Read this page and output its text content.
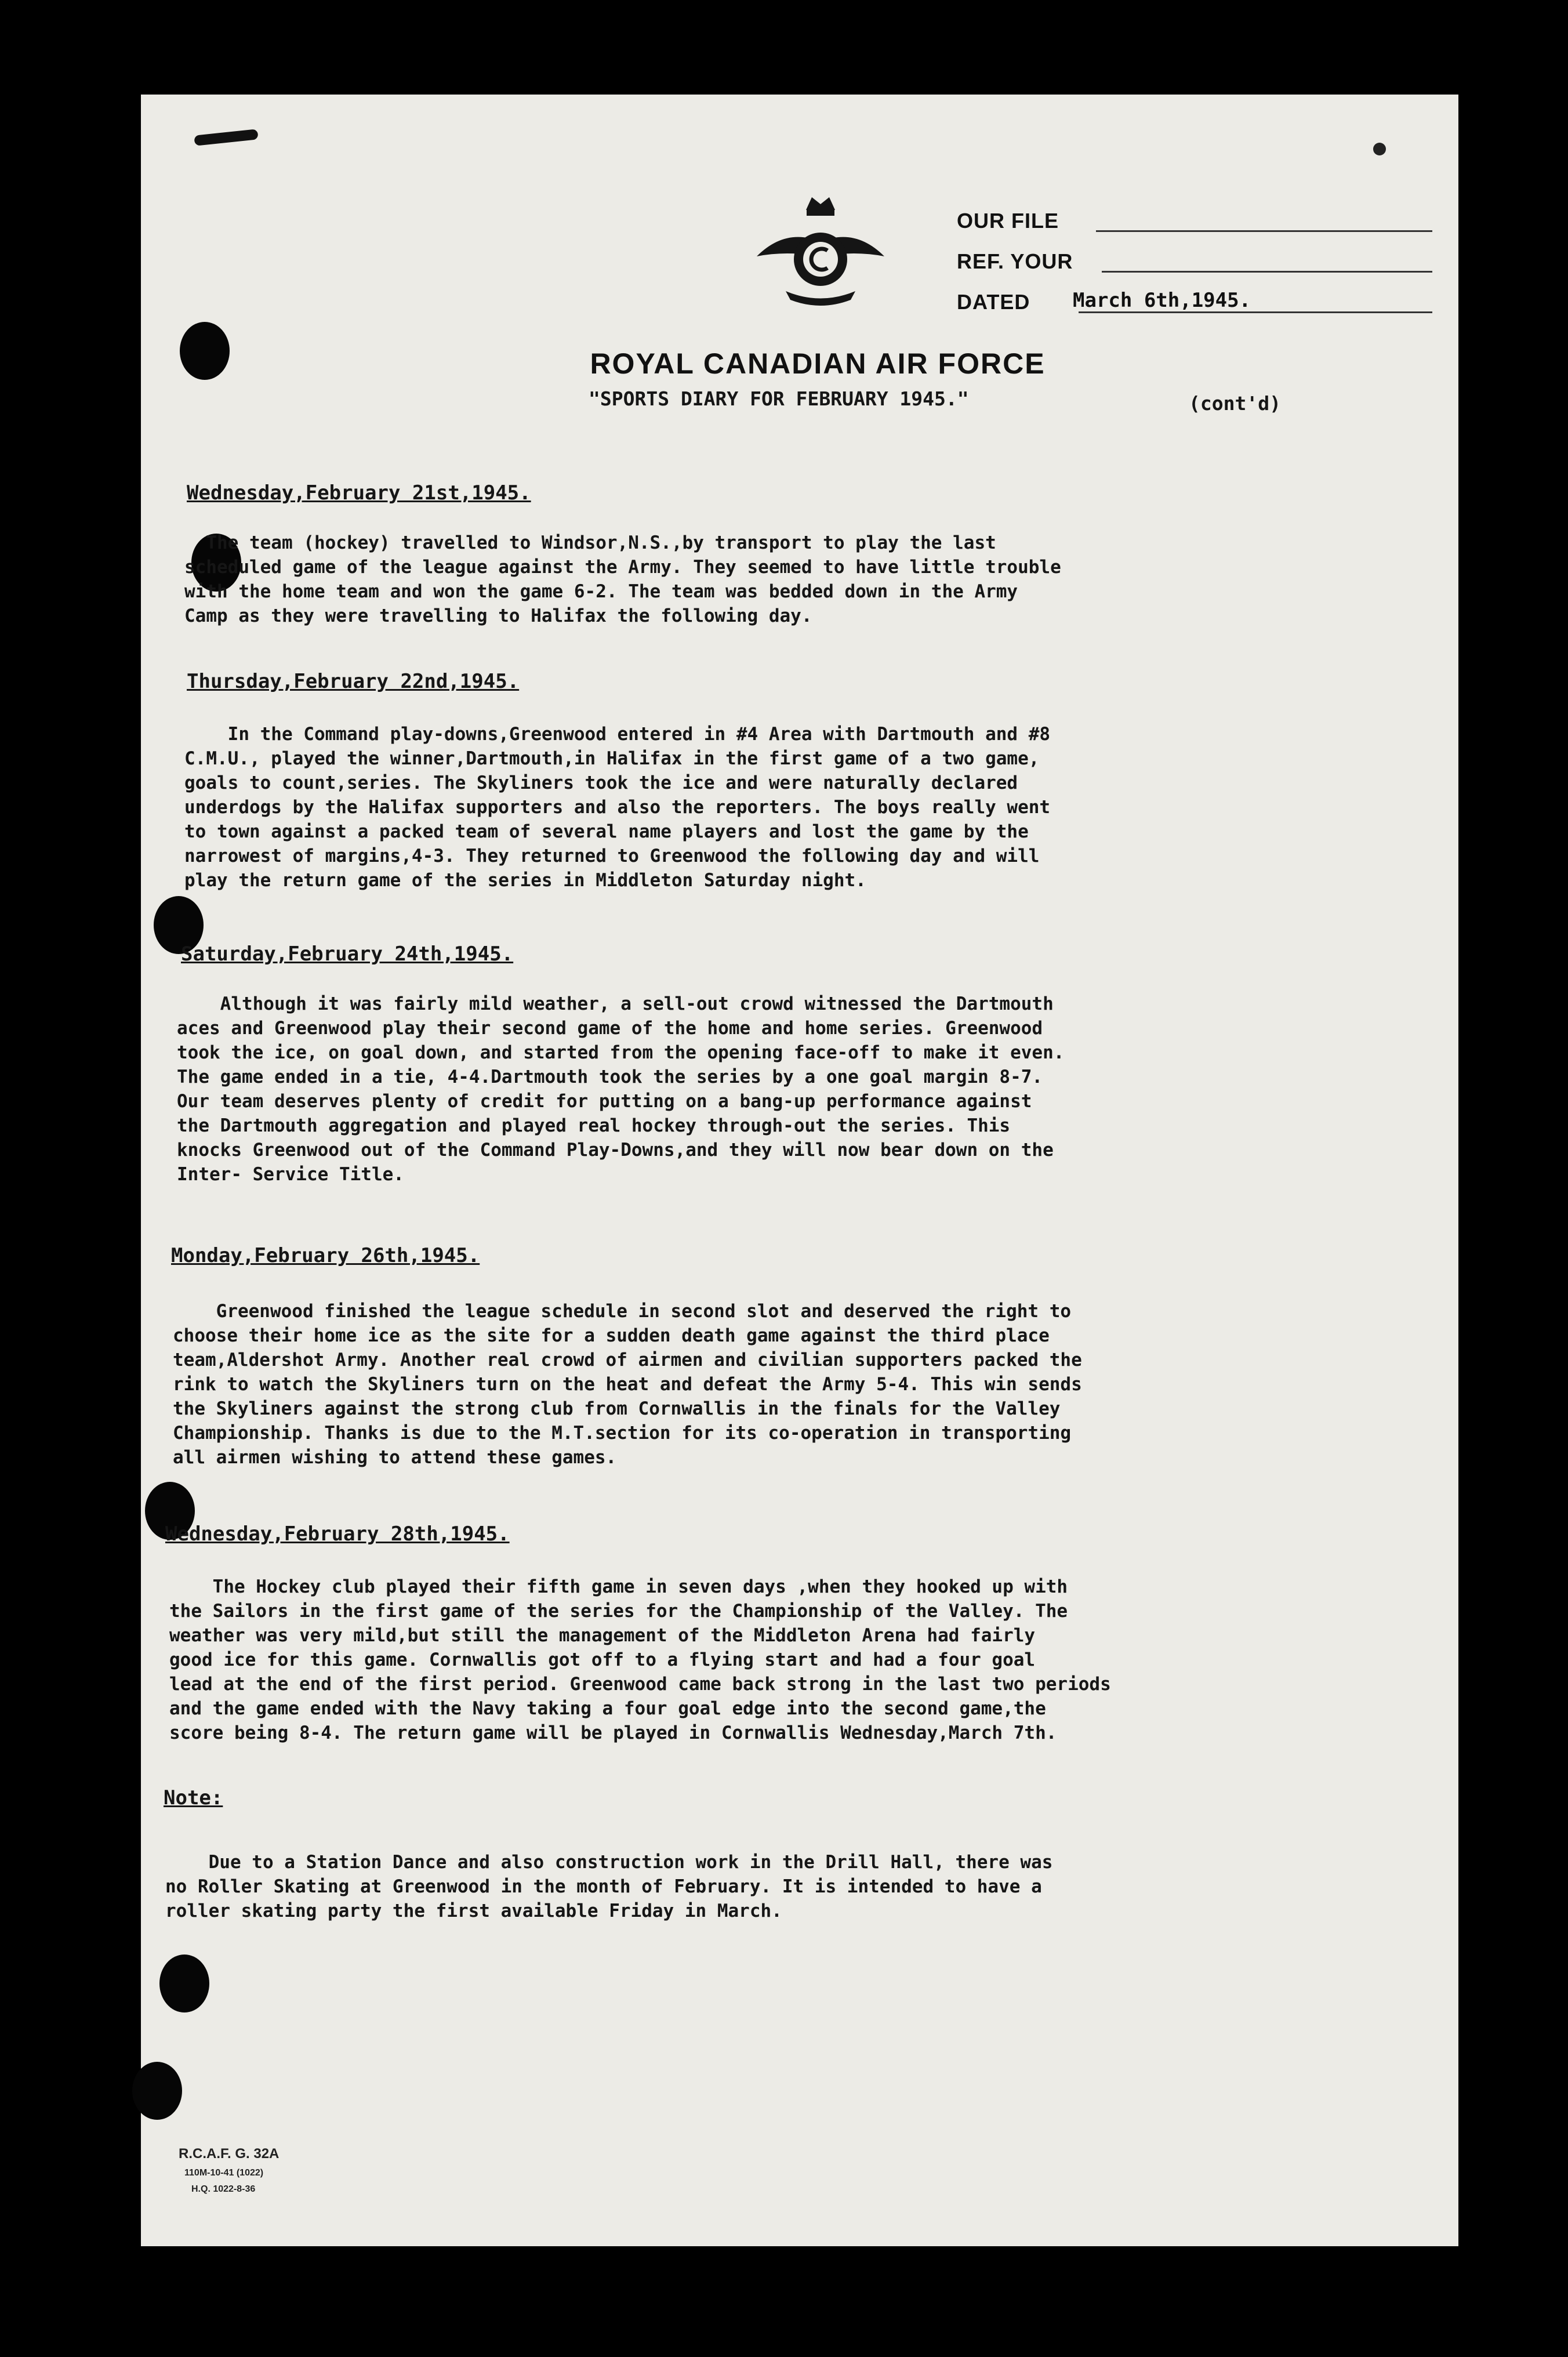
OUR FILE
REF. YOUR
DATED March 6th,1945.
ROYAL CANADIAN AIR FORCE
"SPORTS DIARY FOR FEBRUARY 1945."	(cont'd)
Wednesday,February 21st,1945.
The team (hockey) travelled to Windsor,N.S.,by transport to play the last
scheduled game of the league against the Army. They seemed to have little trouble
with the home team and won the game 6-2. The team was bedded down in the Army
Camp as they were travelling to Halifax the following day.
Thursday,February 22nd,1945.
In the Command play-downs,Greenwood entered in #4 Area with Dartmouth and #8
C.M.U., played the winner,Dartmouth,in Halifax in the first game of a two game,
goals to count,series. The Skyliners took the ice and were naturally declared
underdogs by the Halifax supporters and also the reporters. The boys really went
to town against a packed team of several name players and lost the game by the
narrowest of margins,4-3. They returned to Greenwood the following day and will
play the return game of the series in Middleton Saturday night.
Saturday,February 24th,1945.
Although it was fairly mild weather, a sell-out crowd witnessed the Dartmouth
aces and Greenwood play their second game of the home and home series. Greenwood
took the ice, on goal down, and started from the opening face-off to make it even.
The game ended in a tie, 4-4.Dartmouth took the series by a one goal margin 8-7.
Our team deserves plenty of credit for putting on a bang-up performance against
the Dartmouth aggregation and played real hockey through-out the series. This
knocks Greenwood out of the Command Play-Downs,and they will now bear down on the
Inter- Service Title.
Monday,February 26th,1945.
Greenwood finished the league schedule in second slot and deserved the right to
choose their home ice as the site for a sudden death game against the third place
team,Aldershot Army. Another real crowd of airmen and civilian supporters packed the
rink to watch the Skyliners turn on the heat and defeat the Army 5-4. This win sends
the Skyliners against the strong club from Cornwallis in the finals for the Valley
Championship. Thanks is due to the M.T.section for its co-operation in transporting
all airmen wishing to attend these games.
Wednesday,February 28th,1945.
The Hockey club played their fifth game in seven days ,when they hooked up with
the Sailors in the first game of the series for the Championship of the Valley. The
weather was very mild,but still the management of the Middleton Arena had fairly
good ice for this game. Cornwallis got off to a flying start and had a four goal
lead at the end of the first period. Greenwood came back strong in the last two periods
and the game ended with the Navy taking a four goal edge into the second game,the
score being 8-4. The return game will be played in Cornwallis Wednesday,March 7th.
Note:
Due to a Station Dance and also construction work in the Drill Hall, there was
no Roller Skating at Greenwood in the month of February. It is intended to have a
roller skating party the first available Friday in March.
R.C.A.F. G. 32A
110M-10-41 (1022)
H.Q. 1022-8-36
